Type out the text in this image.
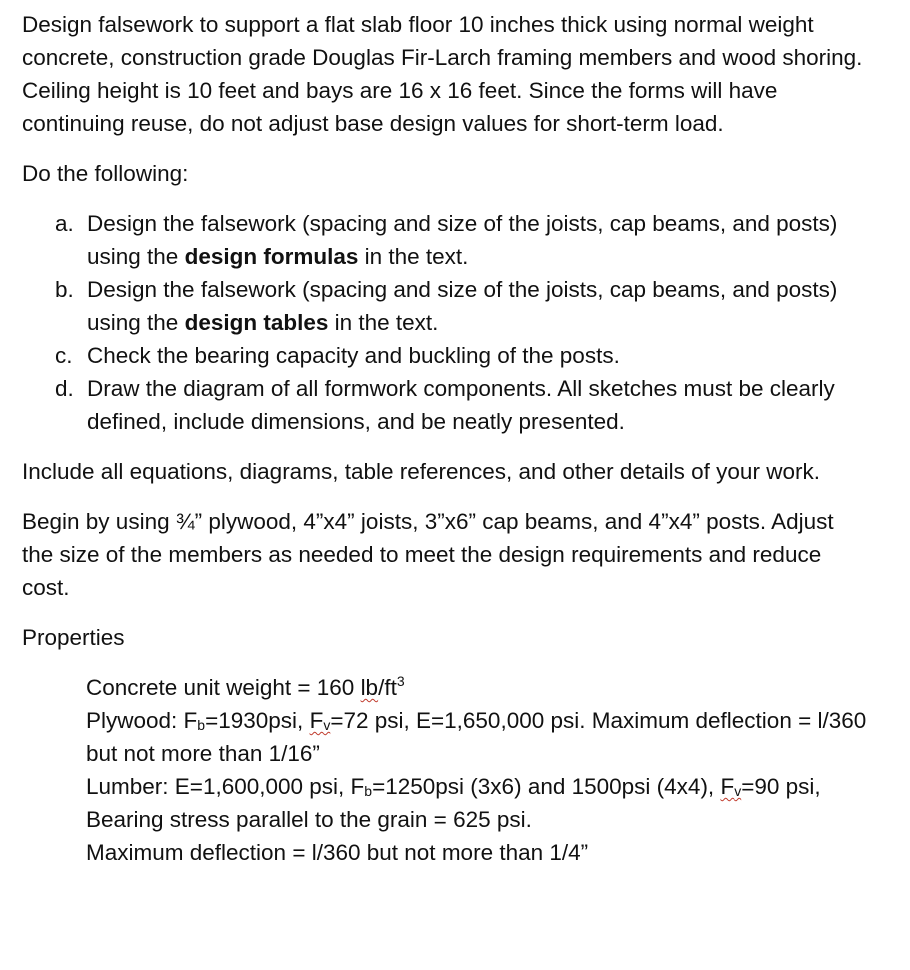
Design falsework to support a flat slab floor 10 inches thick using normal weight concrete, construction grade Douglas Fir-Larch framing members and wood shoring. Ceiling height is 10 feet and bays are 16 x 16 feet. Since the forms will have continuing reuse, do not adjust base design values for short-term load.

Do the following:

a. Design the falsework (spacing and size of the joists, cap beams, and posts) using the design formulas in the text.
b. Design the falsework (spacing and size of the joists, cap beams, and posts) using the design tables in the text.
c. Check the bearing capacity and buckling of the posts.
d. Draw the diagram of all formwork components. All sketches must be clearly defined, include dimensions, and be neatly presented.

Include all equations, diagrams, table references, and other details of your work.

Begin by using ¾” plywood, 4”x4” joists, 3”x6” cap beams, and 4”x4” posts. Adjust the size of the members as needed to meet the design requirements and reduce cost.

Properties

Concrete unit weight = 160 $lb/ft^3$

Plywood: $F_b=1930psi$, $F_v=72$ psi, E=1,650,000 psi. Maximum deflection = l/360 but not more than 1/16”

Lumber: E=1,600,000 psi, $F_b=1250psi$ (3x6) and 1500psi (4x4), $F_v=90$ psi, Bearing stress parallel to the grain = 625 psi.

Maximum deflection = l/360 but not more than 1/4”
